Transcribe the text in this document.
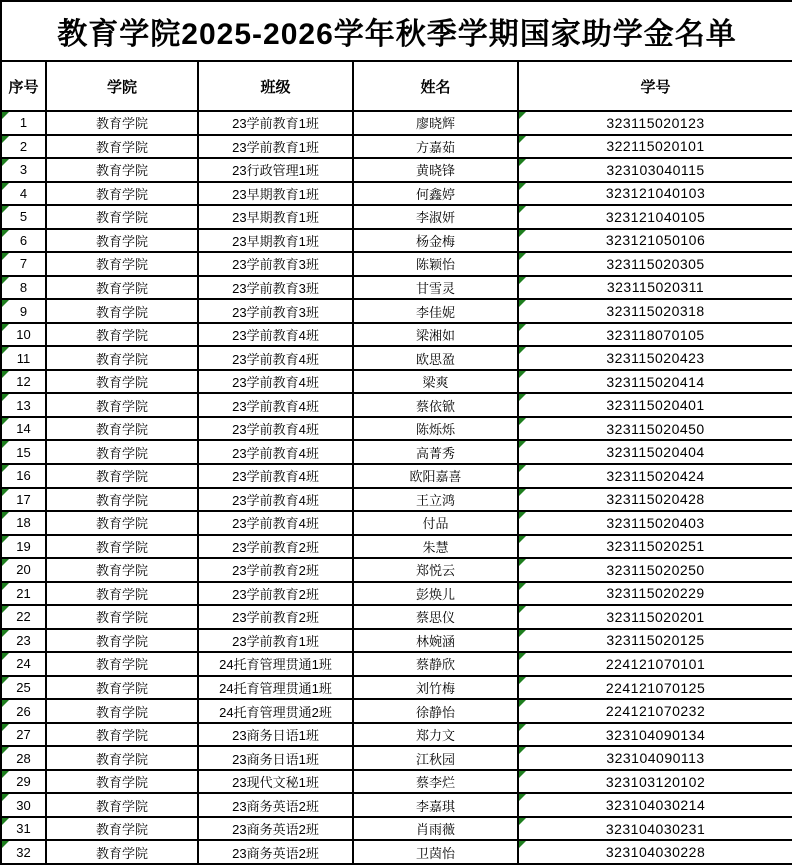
教育学院2025-2026学年秋季学期国家助学金名单				
序号	学院	班级	姓名	学号

1	教育学院	23学前教育1班	廖晓辉	323115020123

2	教育学院	23学前教育1班	方嘉茹	322115020101

3	教育学院	23行政管理1班	黄晓锋	323103040115

4	教育学院	23早期教育1班	何鑫婷	323121040103

5	教育学院	23早期教育1班	李淑妍	323121040105

6	教育学院	23早期教育1班	杨金梅	323121050106

7	教育学院	23学前教育3班	陈颖怡	323115020305

8	教育学院	23学前教育3班	甘雪灵	323115020311

9	教育学院	23学前教育3班	李佳妮	323115020318

10	教育学院	23学前教育4班	梁湘如	323118070105

11	教育学院	23学前教育4班	欧思盈	323115020423

12	教育学院	23学前教育4班	梁爽	323115020414

13	教育学院	23学前教育4班	蔡依锨	323115020401

14	教育学院	23学前教育4班	陈烁烁	323115020450

15	教育学院	23学前教育4班	高菁秀	323115020404

16	教育学院	23学前教育4班	欧阳嘉喜	323115020424

17	教育学院	23学前教育4班	王立鸿	323115020428

18	教育学院	23学前教育4班	付品	323115020403

19	教育学院	23学前教育2班	朱慧	323115020251

20	教育学院	23学前教育2班	郑悦云	323115020250

21	教育学院	23学前教育2班	彭焕儿	323115020229

22	教育学院	23学前教育2班	蔡思仪	323115020201

23	教育学院	23学前教育1班	林婉涵	323115020125

24	教育学院	24托育管理贯通1班	蔡静欣	224121070101

25	教育学院	24托育管理贯通1班	刘竹梅	224121070125

26	教育学院	24托育管理贯通2班	徐静怡	224121070232

27	教育学院	23商务日语1班	郑力文	323104090134

28	教育学院	23商务日语1班	江秋园	323104090113

29	教育学院	23现代文秘1班	蔡李烂	323103120102

30	教育学院	23商务英语2班	李嘉琪	323104030214

31	教育学院	23商务英语2班	肖雨薇	323104030231

32	教育学院	23商务英语2班	卫茵怡	323104030228
